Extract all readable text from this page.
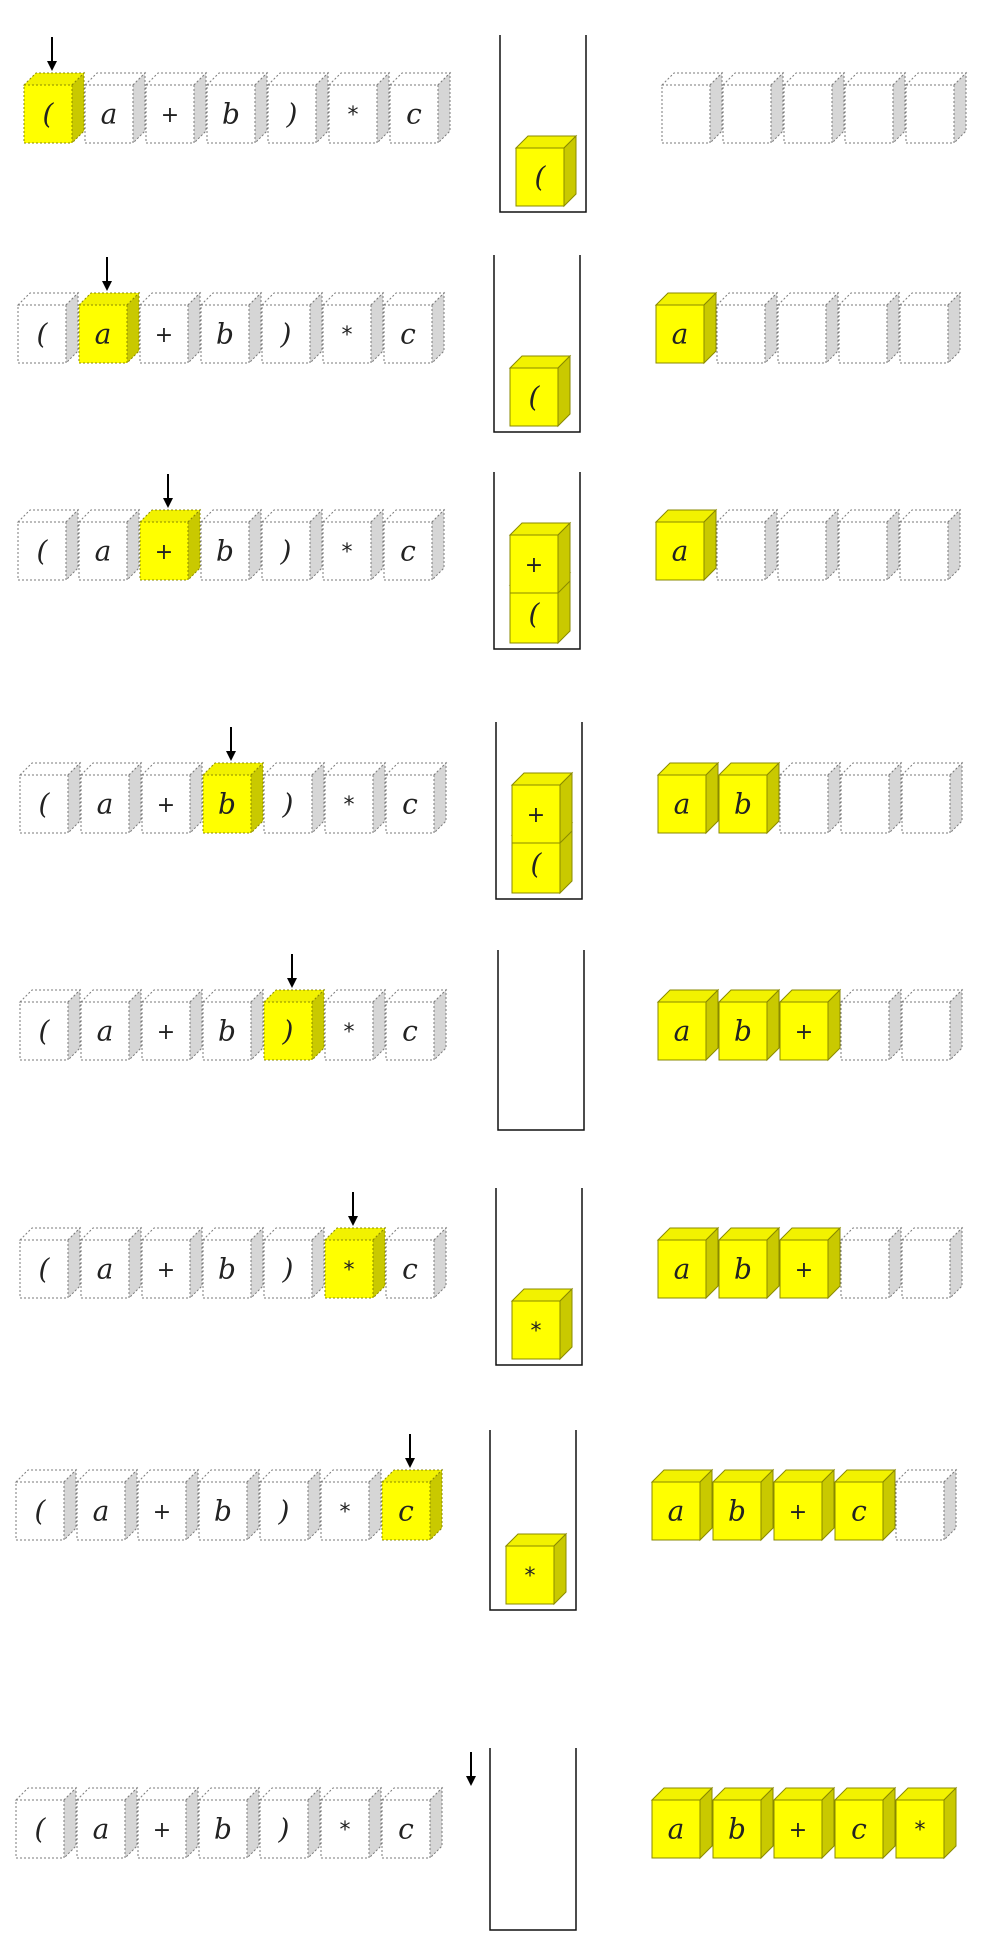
( a + b ) * c
(
( a + b ) * c
(
a
( a + b ) * c
(
+	a
( a + b ) * c
(
+	a b
( a + b ) * c	a b +
( a + b ) * c
*
a b +
( a + b ) * c
*
a b + c
( a + b ) * c	a b + c *
